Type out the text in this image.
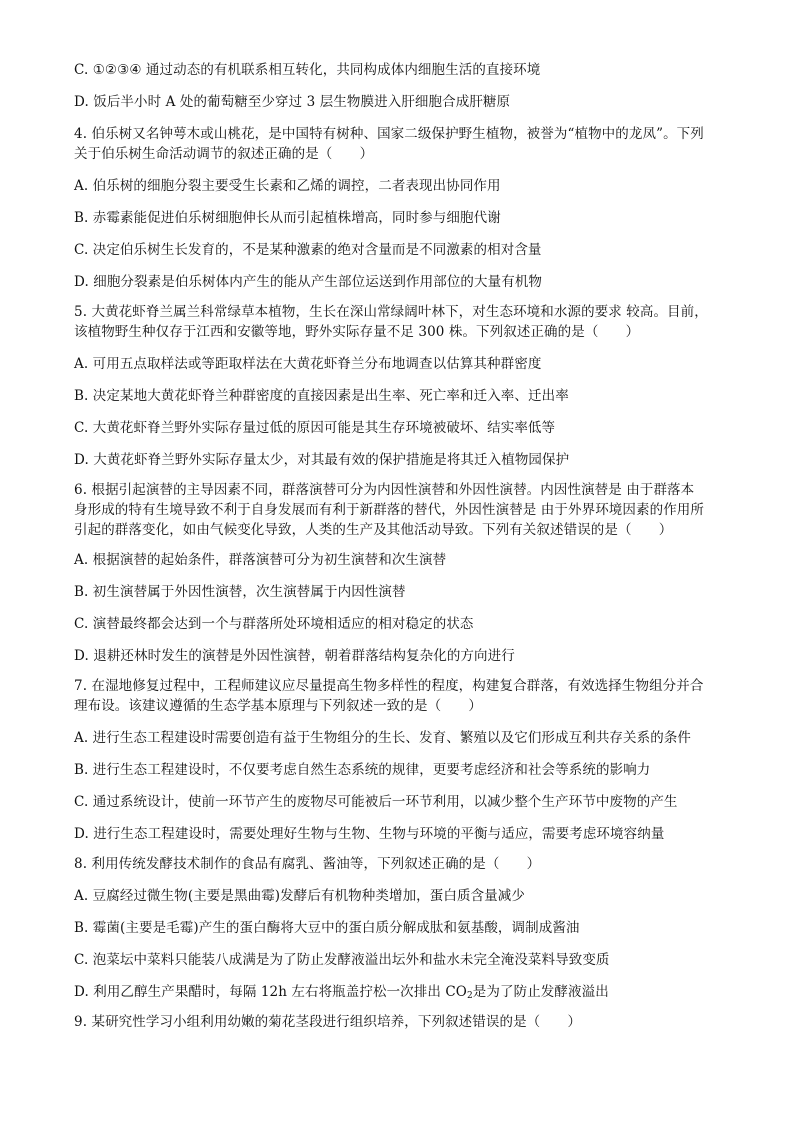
C. ①②③④ 通过动态的有机联系相互转化，共同构成体内细胞生活的直接环境
D. 饭后半小时 A 处的葡萄糖至少穿过 3 层生物膜进入肝细胞合成肝糖原
4. 伯乐树又名钟萼木或山桃花，是中国特有树种、国家二级保护野生植物，被誉为“植物中的龙凤”。下列
关于伯乐树生命活动调节的叙述正确的是（　　）
A. 伯乐树的细胞分裂主要受生长素和乙烯的调控，二者表现出协同作用
B. 赤霉素能促进伯乐树细胞伸长从而引起植株增高，同时参与细胞代谢
C. 决定伯乐树生长发育的，不是某种激素的绝对含量而是不同激素的相对含量
D. 细胞分裂素是伯乐树体内产生的能从产生部位运送到作用部位的大量有机物
5. 大黄花虾脊兰属兰科常绿草本植物，生长在深山常绿阔叶林下，对生态环境和水源的要求 较高。目前，
该植物野生种仅存于江西和安徽等地，野外实际存量不足 300 株。下列叙述正确的是（　　）
A. 可用五点取样法或等距取样法在大黄花虾脊兰分布地调查以估算其种群密度
B. 决定某地大黄花虾脊兰种群密度的直接因素是出生率、死亡率和迁入率、迁出率
C. 大黄花虾脊兰野外实际存量过低的原因可能是其生存环境被破坏、结实率低等
D. 大黄花虾脊兰野外实际存量太少，对其最有效的保护措施是将其迁入植物园保护
6. 根据引起演替的主导因素不同，群落演替可分为内因性演替和外因性演替。内因性演替是 由于群落本
身形成的特有生境导致不利于自身发展而有利于新群落的替代，外因性演替是 由于外界环境因素的作用所
引起的群落变化，如由气候变化导致，人类的生产及其他活动导致。下列有关叙述错误的是（　　）
A. 根据演替的起始条件，群落演替可分为初生演替和次生演替
B. 初生演替属于外因性演替，次生演替属于内因性演替
C. 演替最终都会达到一个与群落所处环境相适应的相对稳定的状态
D. 退耕还林时发生的演替是外因性演替，朝着群落结构复杂化的方向进行
7. 在湿地修复过程中，工程师建议应尽量提高生物多样性的程度，构建复合群落，有效选择生物组分并合
理布设。该建议遵循的生态学基本原理与下列叙述一致的是（　　）
A. 进行生态工程建设时需要创造有益于生物组分的生长、发育、繁殖以及它们形成互利共存关系的条件
B. 进行生态工程建设时，不仅要考虑自然生态系统的规律，更要考虑经济和社会等系统的影响力
C. 通过系统设计，使前一环节产生的废物尽可能被后一环节利用，以减少整个生产环节中废物的产生
D. 进行生态工程建设时，需要处理好生物与生物、生物与环境的平衡与适应，需要考虑环境容纳量
8. 利用传统发酵技术制作的食品有腐乳、酱油等，下列叙述正确的是（　　）
A. 豆腐经过微生物(主要是黑曲霉)发酵后有机物种类增加，蛋白质含量减少
B. 霉菌(主要是毛霉)产生的蛋白酶将大豆中的蛋白质分解成肽和氨基酸，调制成酱油
C. 泡菜坛中菜料只能装八成满是为了防止发酵液溢出坛外和盐水未完全淹没菜料导致变质
D. 利用乙醇生产果醋时，每隔 12h 左右将瓶盖拧松一次排出 $CO_2$是为了防止发酵液溢出
9. 某研究性学习小组利用幼嫩的菊花茎段进行组织培养，下列叙述错误的是（　　）
